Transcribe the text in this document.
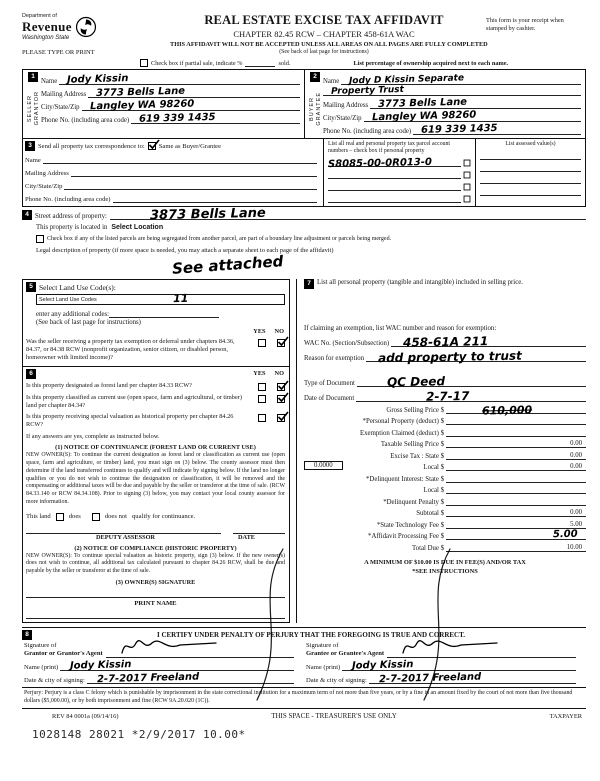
Department of
Revenue
Washington State
PLEASE TYPE OR PRINT
REAL ESTATE EXCISE TAX AFFIDAVIT
CHAPTER 82.45 RCW – CHAPTER 458-61A WAC
THIS AFFIDAVIT WILL NOT BE ACCEPTED UNLESS ALL AREAS ON ALL PAGES ARE FULLY COMPLETED
(See back of last page for instructions)
This form is your receipt when stamped by cashier.
Check box if partial sale, indicate %	sold.	List percentage of ownership acquired next to each name.
1
SELLER GRANTOR
Name Jody Kissin
Mailing Address 3773 Bells Lane
City/State/Zip Langley WA 98260
Phone No. (including area code) 619 339 1435
2
BUYER GRANTEE
Name	Jody D Kissin Separate
Property Trust
Mailing Address 3773 Bells Lane
City/State/Zip Langley WA 98260
Phone No. (including area code) 619 339 1435
3 Send all property tax correspondence to: Same as Buyer/Grantee
Name
Mailing Address
City/State/Zip
Phone No. (including area code)
List all real and personal property tax parcel account numbers – check box if personal property
S8085-00-0R013-0
List assessed value(s)
4 Street address of property:	3873 Bells Lane
This property is located in Select Location
Check box if any of the listed parcels are being segregated from another parcel, are part of a boundary line adjustment or parcels being merged.
Legal description of property (if more space is needed, you may attach a separate sheet to each page of the affidavit)
See attached
5 Select Land Use Code(s):
Select Land Use Codes	11
enter any additional codes:
(See back of last page for instructions)
YES NO
Was the seller receiving a property tax exemption or deferral under chapters 84.36, 84.37, or 84.38 RCW (nonprofit organization, senior citizen, or disabled person, homeowner with limited income)?
6	YES NO
Is this property designated as forest land per chapter 84.33 RCW?
Is this property classified as current use (open space, farm and agricultural, or timber) land per chapter 84.34?
Is this property receiving special valuation as historical property per chapter 84.26 RCW?
If any answers are yes, complete as instructed below.
(1) NOTICE OF CONTINUANCE (FOREST LAND OR CURRENT USE)
NEW OWNER(S): To continue the current designation as forest land or classification as current use (open space, farm and agriculture, or timber) land, you must sign on (3) below. The county assessor must then determine if the land transferred continues to qualify and will indicate by signing below. If the land no longer qualifies or you do not wish to continue the designation or classification, it will be removed and the compensating or additional taxes will be due and payable by the seller or transferor at the time of sale. (RCW 84.33.140 or RCW 84.34.108). Prior to signing (3) below, you may contact your local county assessor for more information.
This land	does	does not qualify for continuance.
DEPUTY ASSESSOR	DATE
(2) NOTICE OF COMPLIANCE (HISTORIC PROPERTY)
NEW OWNER(S): To continue special valuation as historic property, sign (3) below. If the new owner(s) does not wish to continue, all additional tax calculated pursuant to chapter 84.26 RCW, shall be due and payable by the seller or transferor at the time of sale.
(3) OWNER(S) SIGNATURE
PRINT NAME
7 List all personal property (tangible and intangible) included in selling price.
If claiming an exemption, list WAC number and reason for exemption:
WAC No. (Section/Subsection)	458-61A 211
Reason for exemption	add property to trust
Type of Document	QC Deed
Date of Document	2-7-17
Gross Selling Price $	610,000
*Personal Property (deduct) $
Exemption Claimed (deduct) $
Taxable Selling Price $	0.00
Excise Tax : State $	0.00
0.0000	Local $	0.00
*Delinquent Interest: State $
Local $
*Delinquent Penalty $
Subtotal $	0.00
*State Technology Fee $	5.00
*Affidavit Processing Fee $	5.00
Total Due $	10.00
A MINIMUM OF $10.00 IS DUE IN FEE(S) AND/OR TAX
*SEE INSTRUCTIONS
8	I CERTIFY UNDER PENALTY OF PERJURY THAT THE FOREGOING IS TRUE AND CORRECT.
Signature of
Grantor or Grantor's Agent
Name (print)	Jody Kissin
Date & city of signing:	2-7-2017 Freeland
Signature of
Grantee or Grantee's Agent
Name (print)	Jody Kissin
Date & city of signing:	2-7-2017 Freeland
Perjury: Perjury is a class C felony which is punishable by imprisonment in the state correctional institution for a maximum term of not more than five years, or by a fine in an amount fixed by the court of not more than five thousand dollars ($5,000.00), or by both imprisonment and fine (RCW 9A.20.020 (1C)).
REV 84 0001a (09/14/16)	THIS SPACE - TREASURER'S USE ONLY	TAXPAYER
1028148 28021 *2/9/2017 10.00*
